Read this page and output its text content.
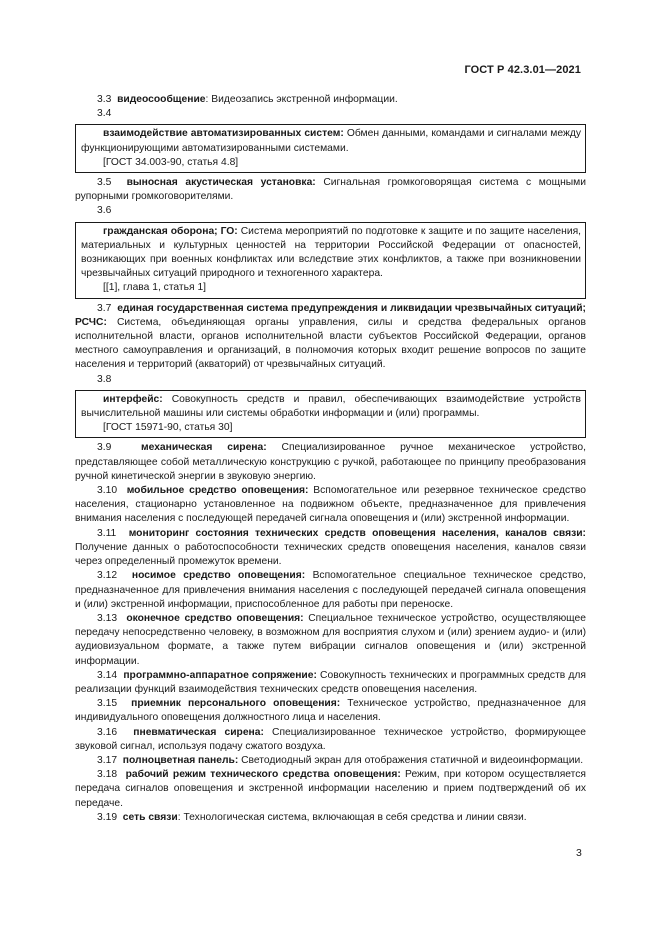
ГОСТ Р 42.3.01—2021

3.3 видеосообщение: Видеозапись экстренной информации.

3.4

взаимодействие автоматизированных систем: Обмен данными, командами и сигналами между функционирующими автоматизированными системами.

[ГОСТ 34.003-90, статья 4.8]

3.5 выносная акустическая установка: Сигнальная громкоговорящая система с мощными рупорными громкоговорителями.

3.6

гражданская оборона; ГО: Система мероприятий по подготовке к защите и по защите населения, материальных и культурных ценностей на территории Российской Федерации от опасностей, возникающих при военных конфликтах или вследствие этих конфликтов, а также при возникновении чрезвычайных ситуаций природного и техногенного характера.

[[1], глава 1, статья 1]

3.7 единая государственная система предупреждения и ликвидации чрезвычайных ситуаций; РСЧС: Система, объединяющая органы управления, силы и средства федеральных органов исполнительной власти, органов исполнительной власти субъектов Российской Федерации, органов местного самоуправления и организаций, в полномочия которых входит решение вопросов по защите населения и территорий (акваторий) от чрезвычайных ситуаций.

3.8

интерфейс: Совокупность средств и правил, обеспечивающих взаимодействие устройств вычислительной машины или системы обработки информации и (или) программы.

[ГОСТ 15971-90, статья 30]

3.9	механическая сирена: Специализированное ручное механическое устройство, представляющее собой металлическую конструкцию с ручкой, работающее по принципу преобразования ручной кинетической энергии в звуковую энергию.

3.10 мобильное средство оповещения: Вспомогательное или резервное техническое средство населения, стационарно установленное на подвижном объекте, предназначенное для привлечения внимания населения с последующей передачей сигнала оповещения и (или) экстренной информации.

3.11 мониторинг состояния технических средств оповещения населения, каналов связи: Получение данных о работоспособности технических средств оповещения населения, каналов связи через определенный промежуток времени.

3.12 носимое средство оповещения: Вспомогательное специальное техническое средство, предназначенное для привлечения внимания населения с последующей передачей сигнала оповещения и (или) экстренной информации, приспособленное для работы при переноске.

3.13 оконечное средство оповещения: Специальное техническое устройство, осуществляющее передачу непосредственно человеку, в возможном для восприятия слухом и (или) зрением аудио- и (или) аудиовизуальном формате, а также путем вибрации сигналов оповещения и (или) экстренной информации.

3.14 программно-аппаратное сопряжение: Совокупность технических и программных средств для реализации функций взаимодействия технических средств оповещения населения.

3.15 приемник персонального оповещения: Техническое устройство, предназначенное для индивидуального оповещения должностного лица и населения.

3.16 пневматическая сирена: Специализированное техническое устройство, формирующее звуковой сигнал, используя подачу сжатого воздуха.

3.17 полноцветная панель: Светодиодный экран для отображения статичной и видеоинформации.

3.18 рабочий режим технического средства оповещения: Режим, при котором осуществляется передача сигналов оповещения и экстренной информации населению и прием подтверждений об их передаче.

3.19 сеть связи: Технологическая система, включающая в себя средства и линии связи.

3
